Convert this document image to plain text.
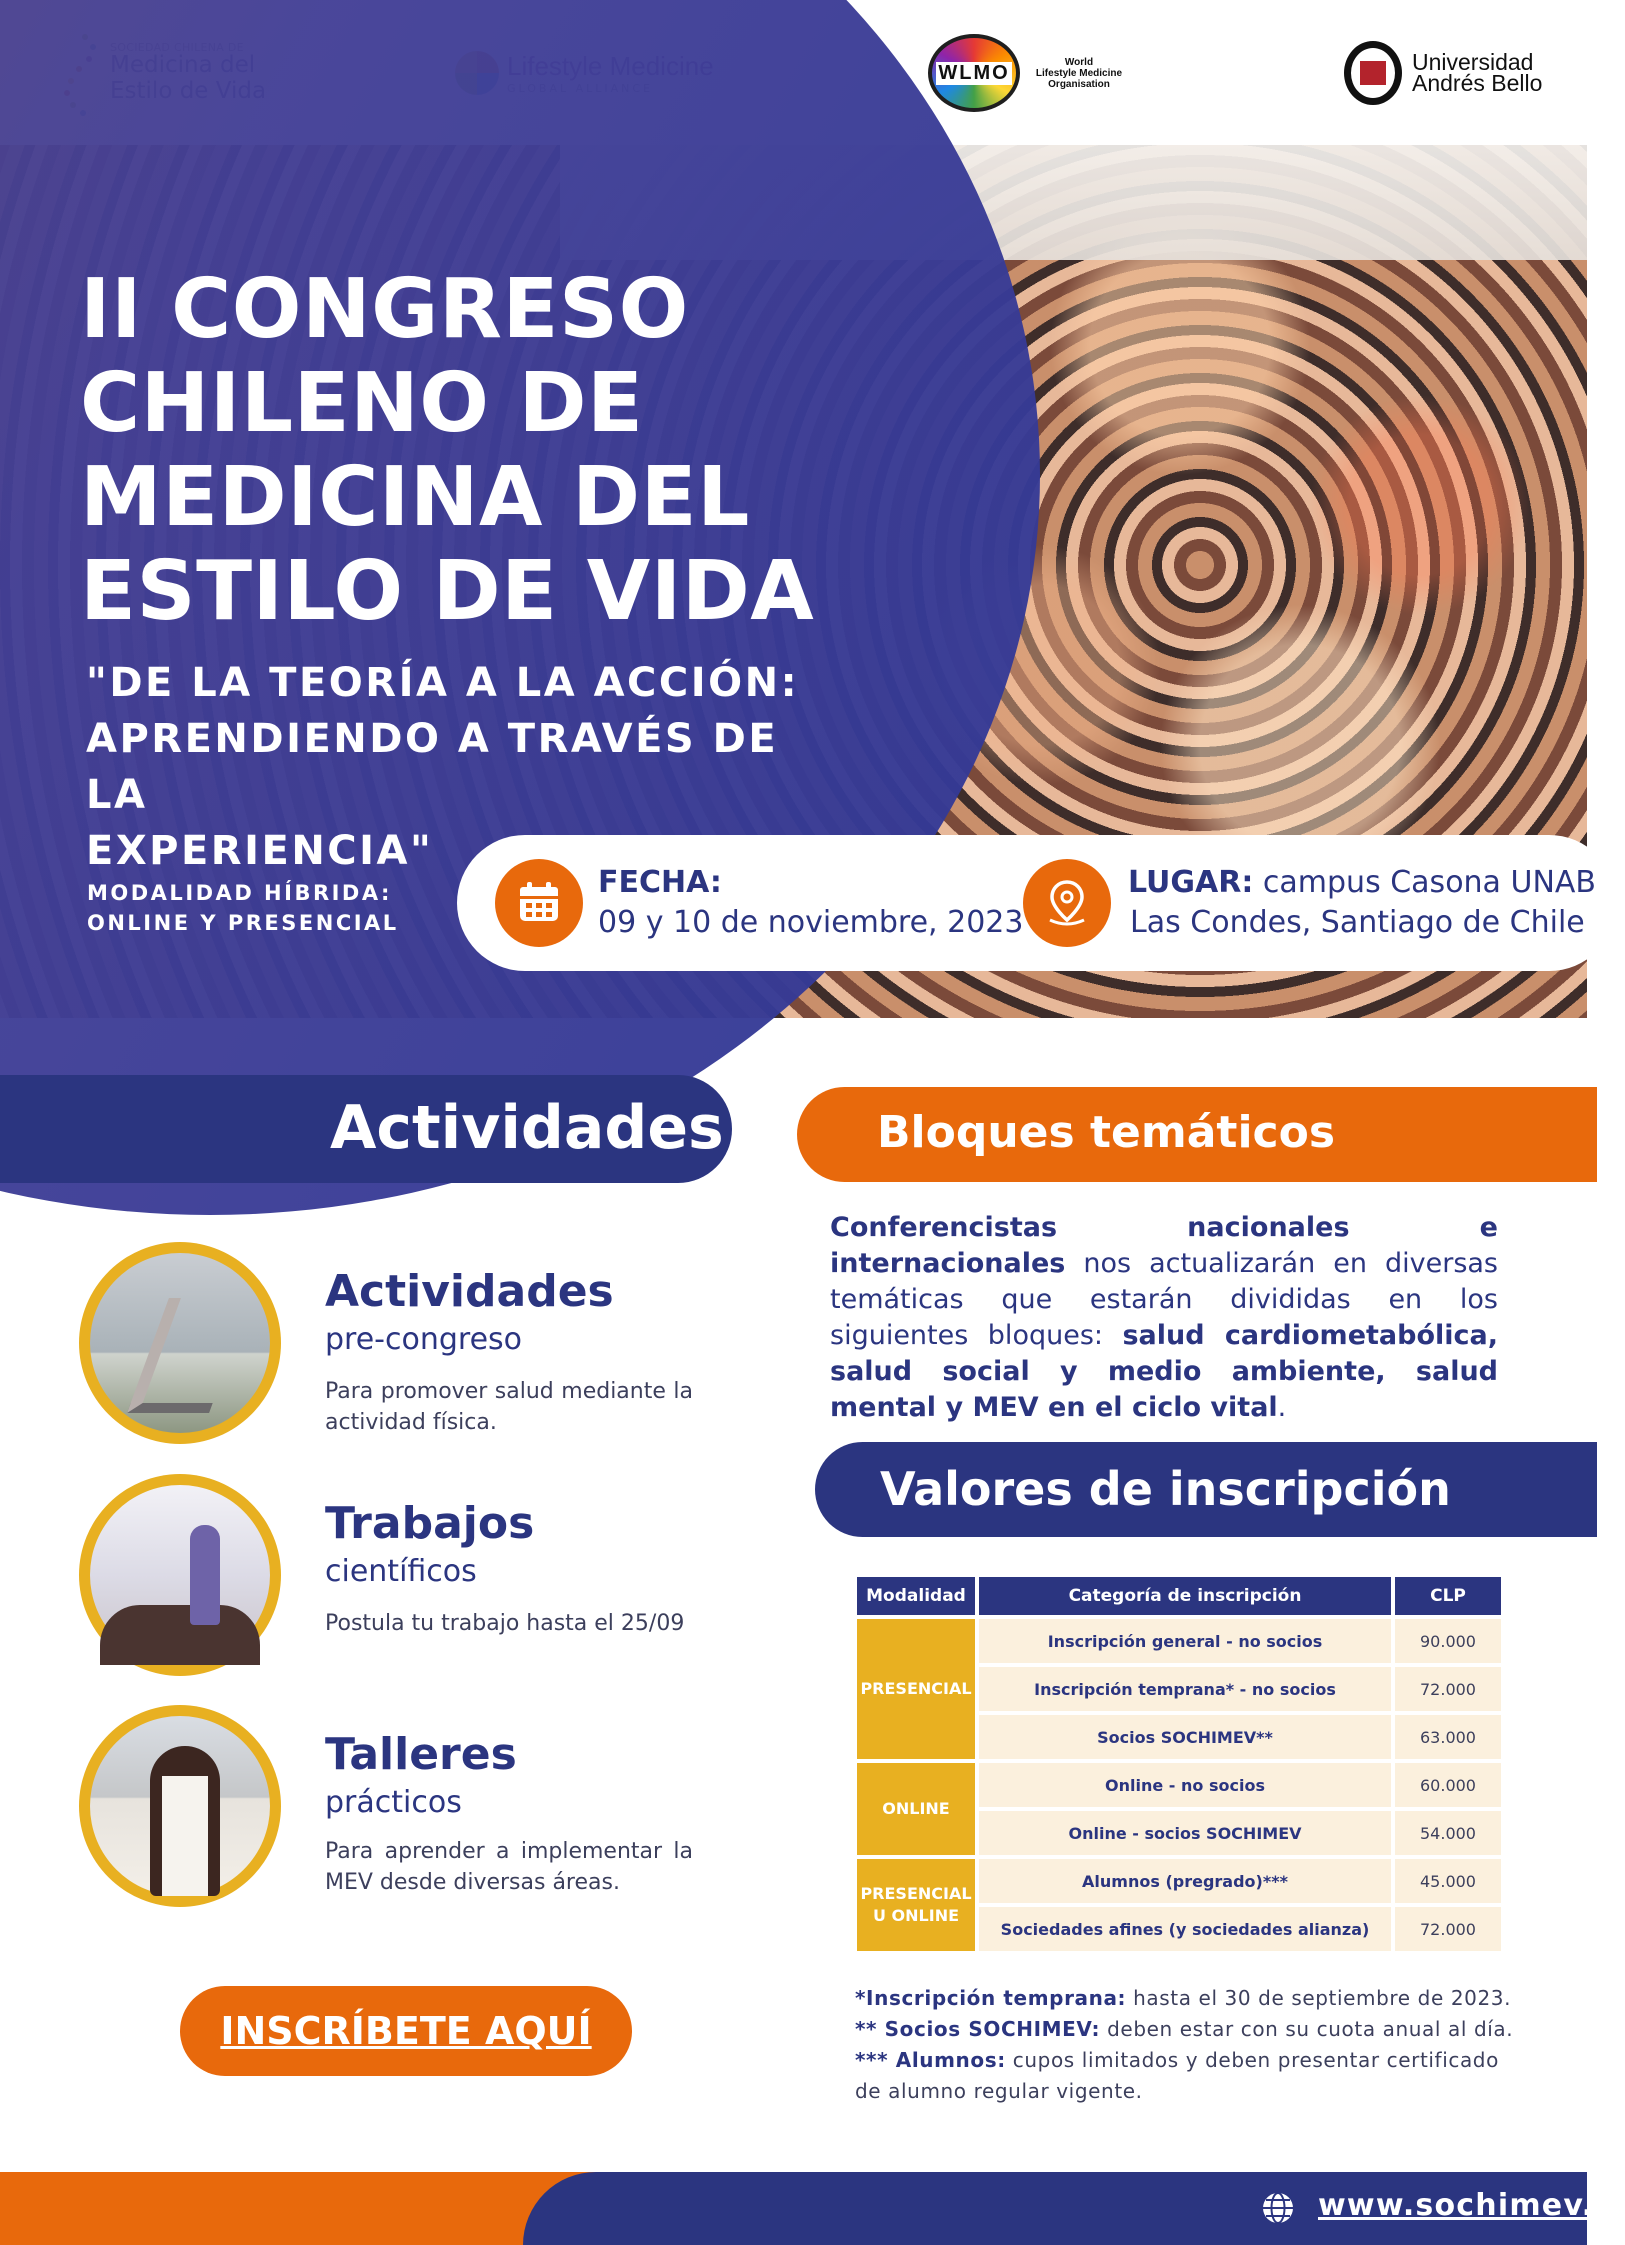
WLMO	World
Lifestyle Medicine
Organisation
Universidad
Andrés Bello
II CONGRESO
CHILENO DE
MEDICINA DEL
ESTILO DE VIDA

"DE LA TEORÍA A LA ACCIÓN:
APRENDIENDO A TRAVÉS DE LA
EXPERIENCIA"

MODALIDAD HÍBRIDA:
ONLINE Y PRESENCIAL
FECHA:
09 y 10 de noviembre, 2023
LUGAR: campus Casona UNAB
Las Condes, Santiago de Chile
Actividades
Actividades
pre-congreso
Para promover salud mediante la actividad física.
Trabajos
científicos
Postula tu trabajo hasta el 25/09
Talleres
prácticos
Para aprender a implementar la MEV desde diversas áreas.
INSCRÍBETE AQUÍ
Bloques temáticos

Conferencistas nacionales e internacionales nos actualizarán en diversas temáticas que estarán divididas en los siguientes bloques: salud cardiometabólica, salud social y medio ambiente, salud mental y MEV en el ciclo vital.

Valores de inscripción
Modalidad	Categoría de inscripción	CLP
PRESENCIAL	Inscripción general - no socios	90.000
	Inscripción temprana* - no socios	72.000
	Socios SOCHIMEV**	63.000
ONLINE	Online - no socios	60.000
	Online - socios SOCHIMEV	54.000

PRESENCIAL
U ONLINE	Alumnos (pregrado)***	45.000
	Sociedades afines (y sociedades alianza)	72.000
*Inscripción temprana: hasta el 30 de septiembre de 2023.
** Socios SOCHIMEV: deben estar con su cuota anual al día.
*** Alumnos: cupos limitados y deben presentar certificado de alumno regular vigente.
www.sochimev.cl
